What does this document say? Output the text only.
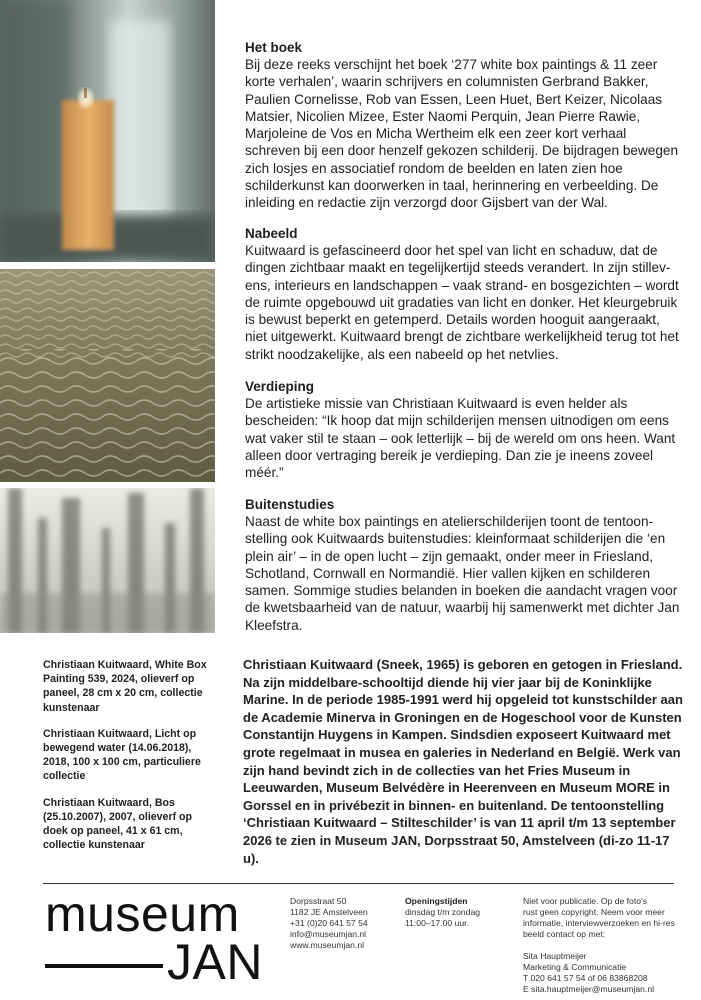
Het boek

Bij deze reeks verschijnt het boek ‘277 white box paintings & 11 zeer korte verhalen’, waarin schrijvers en columnisten Gerbrand Bakker, Paulien Cornelisse, Rob van Essen, Leen Huet, Bert Keizer, Nicolaas Matsier, Nicolien Mizee, Ester Naomi Perquin, Jean Pierre Rawie, Marjoleine de Vos en Micha Wertheim elk een zeer kort verhaal schreven bij een door henzelf gekozen schilderij. De bijdragen bewegen zich losjes en associatief rondom de beelden en laten zien hoe schilderkunst kan doorwerken in taal, herinnering en verbeelding. De inleiding en redactie zijn verzorgd door Gijsbert van der Wal.

Nabeeld

Kuitwaard is gefascineerd door het spel van licht en schaduw, dat de dingen zichtbaar maakt en tegelijkertijd steeds verandert. In zijn stillevens, interieurs en landschappen – vaak strand- en bosgezichten – wordt de ruimte opgebouwd uit gradaties van licht en donker. Het kleurgebruik is bewust beperkt en getemperd. Details worden hooguit aangeraakt, niet uitgewerkt. Kuitwaard brengt de zichtbare werkelijkheid terug tot het strikt noodzakelijke, als een nabeeld op het netvlies.

Verdieping

De artistieke missie van Christiaan Kuitwaard is even helder als bescheiden: “Ik hoop dat mijn schilderijen mensen uitnodigen om eens wat vaker stil te staan – ook letterlijk – bij de wereld om ons heen. Want alleen door vertraging bereik je verdieping. Dan zie je ineens zoveel méér.”

Buitenstudies

Naast de white box paintings en atelierschilderijen toont de tentoonstelling ook Kuitwaards buitenstudies: kleinformaat schilderijen die ‘en plein air’ – in de open lucht – zijn gemaakt, onder meer in Friesland, Schotland, Cornwall en Normandië. Hier vallen kijken en schilderen samen. Sommige studies belanden in boeken die aandacht vragen voor de kwetsbaarheid van de natuur, waarbij hij samenwerkt met dichter Jan Kleefstra.

Christiaan Kuitwaard, White Box Painting 539, 2024, olieverf op paneel, 28 cm x 20 cm, collectie kunstenaar

Christiaan Kuitwaard, Licht op bewegend water (14.06.2018), 2018, 100 x 100 cm, particuliere collectie

Christiaan Kuitwaard, Bos (25.10.2007), 2007, olieverf op doek op paneel, 41 x 61 cm, collectie kunstenaar

Christiaan Kuitwaard (Sneek, 1965) is geboren en getogen in Friesland. Na zijn middelbare-schooltijd diende hij vier jaar bij de Koninklijke Marine. In de periode 1985-1991 werd hij opgeleid tot kunstschilder aan de Academie Minerva in Groningen en de Hogeschool voor de Kunsten Constantijn Huygens in Kampen. Sindsdien exposeert Kuitwaard met grote regelmaat in musea en galeries in Nederland en België. Werk van zijn hand bevindt zich in de collecties van het Fries Museum in Leeuwarden, Museum Belvédère in Heerenveen en Museum MORE in Gorssel en in privébezit in binnen- en buitenland. De tentoonstelling ‘Christiaan Kuitwaard – Stilteschilder’ is van 11 april t/m 13 september 2026 te zien in Museum JAN, Dorpsstraat 50, Amstelveen (di-zo 11-17 u).

museum
JAN
Dorpsstraat 50
1182 JE Amstelveen
+31 (0)20 641 57 54
info@museumjan.nl
www.museumjan.nl
Openingstijden
dinsdag t/m zondag
11:00–17.00 uur.
Niet voor publicatie. Op de foto’s
rust geen copyright. Neem voor meer
informatie, interviewverzoeken en hi-res
beeld contact op met:
Sita Hauptmeijer
Marketing & Communicatie
T 020 641 57 54 of 06 83868208
E sita.hauptmeijer@museumjan.nl
